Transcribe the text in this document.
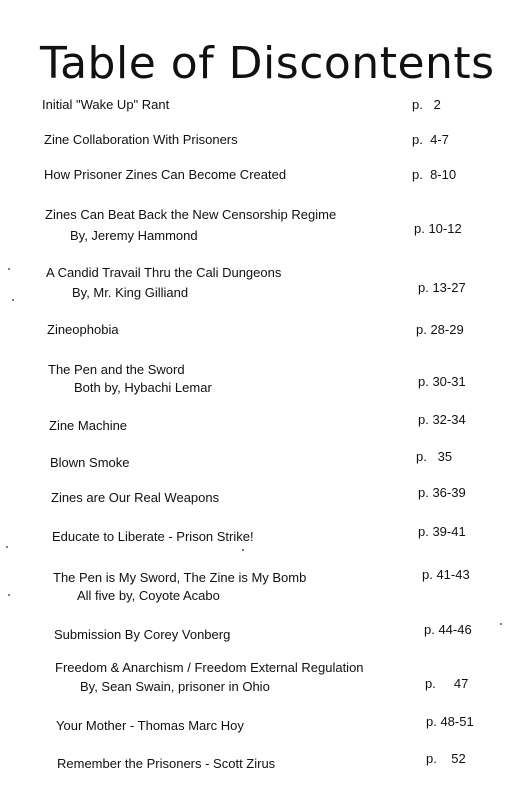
Table of Discontents
Initial "Wake Up" Rant	p.   2
Zine Collaboration With Prisoners	p.  4-7
How Prisoner Zines Can Become Created	p.  8-10
Zines Can Beat Back the New Censorship Regime
By, Jeremy Hammond	p. 10-12
A Candid Travail Thru the Cali Dungeons
By, Mr. King Gilliand	p. 13-27
Zineophobia	p. 28-29
The Pen and the Sword
Both by, Hybachi Lemar	p. 30-31
Zine Machine	p. 32-34
Blown Smoke	p.   35
Zines are Our Real Weapons	p. 36-39
Educate to Liberate - Prison Strike!	p. 39-41
The Pen is My Sword, The Zine is My Bomb
All five by, Coyote Acabo
p. 41-43
Submission By Corey Vonberg	p. 44-46
Freedom & Anarchism / Freedom External Regulation
By, Sean Swain, prisoner in Ohio	p.     47
Your Mother - Thomas Marc Hoy	p. 48-51
Remember the Prisoners - Scott Zirus	p.    52
